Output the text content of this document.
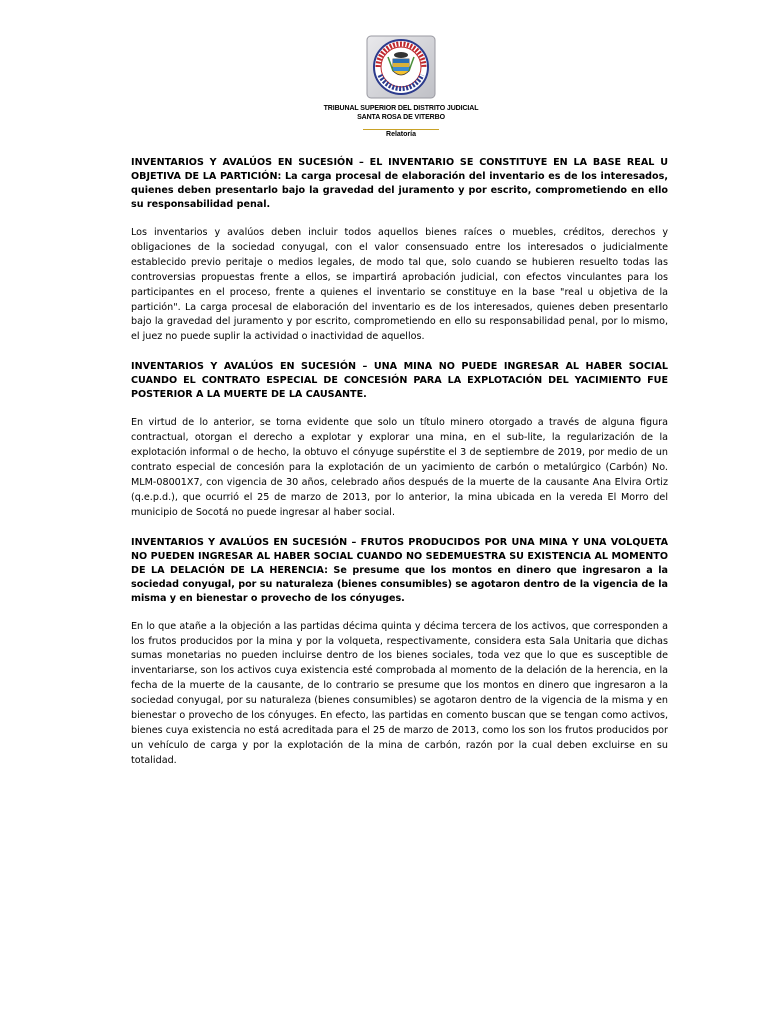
TRIBUNAL SUPERIOR DEL DISTRITO JUDICIAL
SANTA ROSA DE VITERBO
Relatoría
INVENTARIOS Y AVALÚOS EN SUCESIÓN – EL INVENTARIO SE CONSTITUYE EN LA BASE REAL U OBJETIVA DE LA PARTICIÓN: La carga procesal de elaboración del inventario es de los interesados, quienes deben presentarlo bajo la gravedad del juramento y por escrito, comprometiendo en ello su responsabilidad penal.

Los inventarios y avalúos deben incluir todos aquellos bienes raíces o muebles, créditos, derechos y obligaciones de la sociedad conyugal, con el valor consensuado entre los interesados o judicialmente establecido previo peritaje o medios legales, de modo tal que, solo cuando se hubieren resuelto todas las controversias propuestas frente a ellos, se impartirá aprobación judicial, con efectos vinculantes para los participantes en el proceso, frente a quienes el inventario se constituye en la base "real u objetiva de la partición". La carga procesal de elaboración del inventario es de los interesados, quienes deben presentarlo bajo la gravedad del juramento y por escrito, comprometiendo en ello su responsabilidad penal, por lo mismo, el juez no puede suplir la actividad o inactividad de aquellos.

INVENTARIOS Y AVALÚOS EN SUCESIÓN – UNA MINA NO PUEDE INGRESAR AL HABER SOCIAL CUANDO EL CONTRATO ESPECIAL DE CONCESIÓN PARA LA EXPLOTACIÓN DEL YACIMIENTO FUE POSTERIOR A LA MUERTE DE LA CAUSANTE.

En virtud de lo anterior, se torna evidente que solo un título minero otorgado a través de alguna figura contractual, otorgan el derecho a explotar y explorar una mina, en el sub-lite, la regularización de la explotación informal o de hecho, la obtuvo el cónyuge supérstite el 3 de septiembre de 2019, por medio de un contrato especial de concesión para la explotación de un yacimiento de carbón o metalúrgico (Carbón) No. MLM-08001X7, con vigencia de 30 años, celebrado años después de la muerte de la causante Ana Elvira Ortiz (q.e.p.d.), que ocurrió el 25 de marzo de 2013, por lo anterior, la mina ubicada en la vereda El Morro del municipio de Socotá no puede ingresar al haber social.

INVENTARIOS Y AVALÚOS EN SUCESIÓN – FRUTOS PRODUCIDOS POR UNA MINA Y UNA VOLQUETA NO PUEDEN INGRESAR AL HABER SOCIAL CUANDO NO SEDEMUESTRA SU EXISTENCIA AL MOMENTO DE LA DELACIÓN DE LA HERENCIA: Se presume que los montos en dinero que ingresaron a la sociedad conyugal, por su naturaleza (bienes consumibles) se agotaron dentro de la vigencia de la misma y en bienestar o provecho de los cónyuges.

En lo que atañe a la objeción a las partidas décima quinta y décima tercera de los activos, que corresponden a los frutos producidos por la mina y por la volqueta, respectivamente, considera esta Sala Unitaria que dichas sumas monetarias no pueden incluirse dentro de los bienes sociales, toda vez que lo que es susceptible de inventariarse, son los activos cuya existencia esté comprobada al momento de la delación de la herencia, en la fecha de la muerte de la causante, de lo contrario se presume que los montos en dinero que ingresaron a la sociedad conyugal, por su naturaleza (bienes consumibles) se agotaron dentro de la vigencia de la misma y en bienestar o provecho de los cónyuges. En efecto, las partidas en comento buscan que se tengan como activos, bienes cuya existencia no está acreditada para el 25 de marzo de 2013, como los son los frutos producidos por un vehículo de carga y por la explotación de la mina de carbón, razón por la cual deben excluirse en su totalidad.
